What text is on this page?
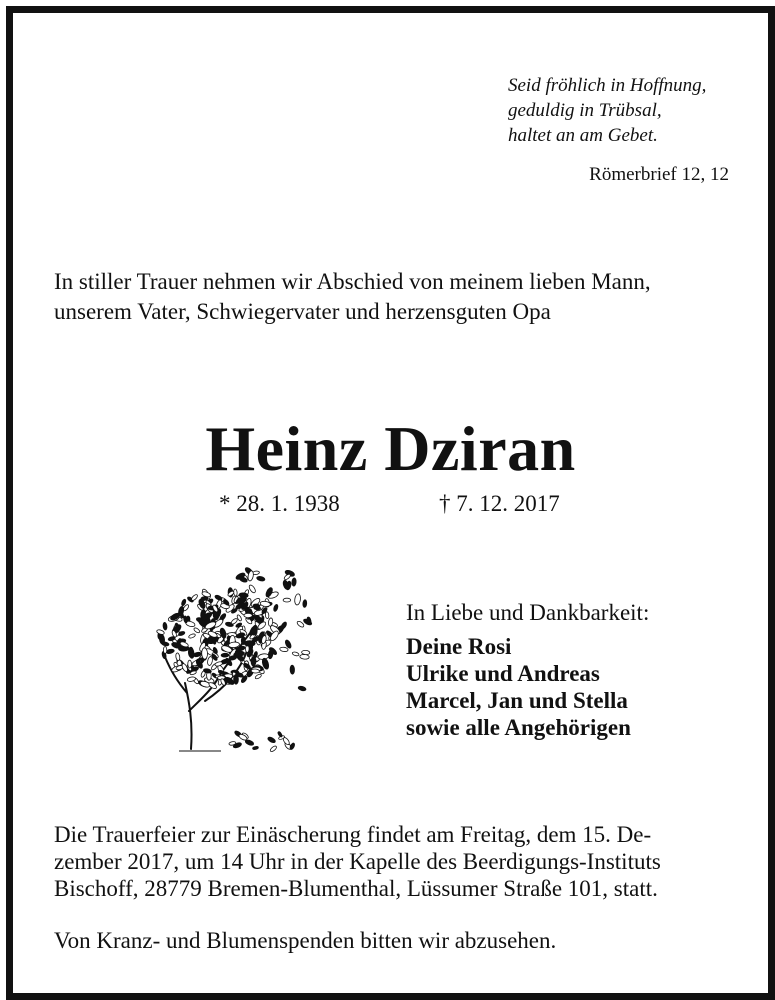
Seid fröhlich in Hoffnung,
geduldig in Trübsal,
haltet an am Gebet.
Römerbrief 12, 12
In stiller Trauer nehmen wir Abschied von meinem lieben Mann,
unserem Vater, Schwiegervater und herzensguten Opa
Heinz Dziran
* 28. 1. 1938	† 7. 12. 2017
In Liebe und Dankbarkeit:
Deine Rosi
Ulrike und Andreas
Marcel, Jan und Stella
sowie alle Angehörigen
Die Trauerfeier zur Einäscherung findet am Freitag, dem 15. De-
zember 2017, um 14 Uhr in der Kapelle des Beerdigungs-Instituts
Bischoff, 28779 Bremen-Blumenthal, Lüssumer Straße 101, statt.
Von Kranz- und Blumenspenden bitten wir abzusehen.
